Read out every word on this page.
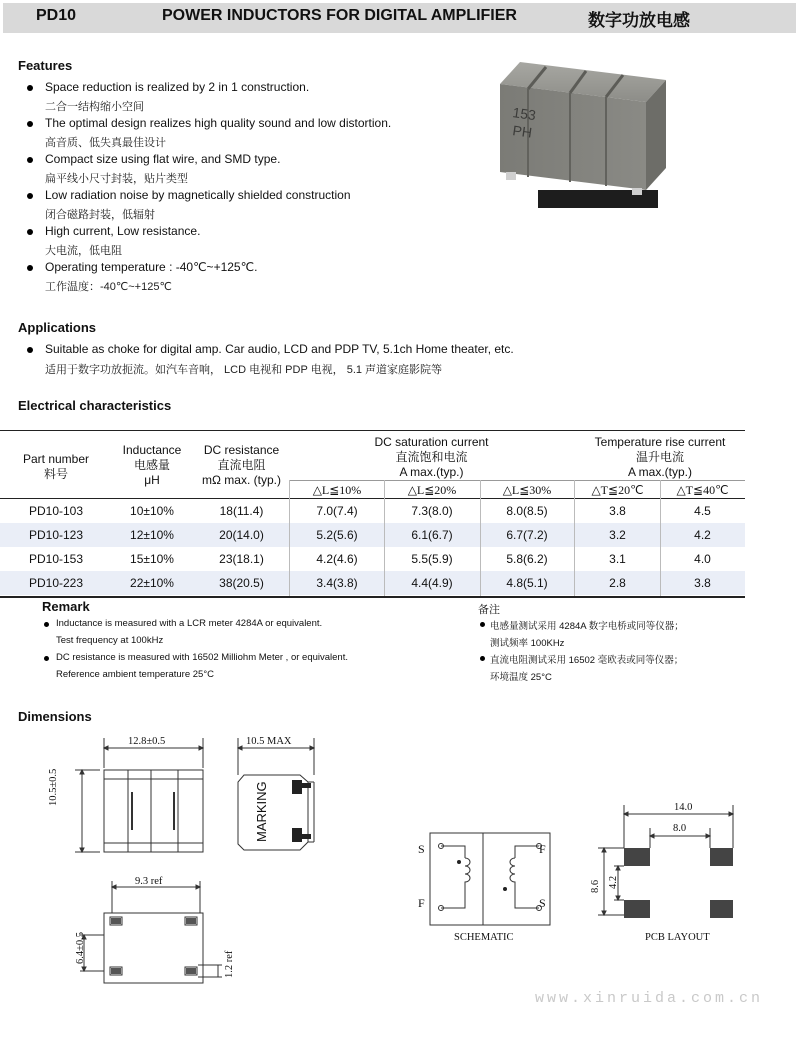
PD10	POWER INDUCTORS FOR DIGITAL AMPLIFIER	数字功放电感
Features
Space reduction is realized by 2 in 1 construction.
二合一结构缩小空间
The optimal design realizes high quality sound and low distortion.
高音质、低失真最佳设计
Compact size using flat wire, and SMD type.
扁平线小尺寸封装，贴片类型
Low radiation noise by magnetically shielded construction
闭合磁路封装，低辐射
High current, Low resistance.
大电流，低电阻
Operating temperature : -40℃~+125℃.
工作温度：-40℃~+125℃
153
PH
Applications
Suitable as choke for digital amp. Car audio, LCD and PDP TV, 5.1ch Home theater, etc.
适用于数字功放扼流。如汽车音响， LCD 电视和 PDP 电视， 5.1 声道家庭影院等
Electrical characteristics
Part number
料号
Inductance
电感量
μH
DC resistance
直流电阻
mΩ max. (typ.)
DC saturation current
直流饱和电流
A max.(typ.)
Temperature rise current
温升电流
A max.(typ.)
△L≦10%	△L≦20%	△L≦30%	△T≦20℃	△T≦40℃
PD10-103	10±10%	18(11.4)	7.0(7.4)	7.3(8.0)	8.0(8.5)	3.8	4.5
PD10-123	12±10%	20(14.0)	5.2(5.6)	6.1(6.7)	6.7(7.2)	3.2	4.2
PD10-153	15±10%	23(18.1)	4.2(4.6)	5.5(5.9)	5.8(6.2)	3.1	4.0
PD10-223	22±10%	38(20.5)	3.4(3.8)	4.4(4.9)	4.8(5.1)	2.8	3.8
Remark
Inductance is measured with a LCR meter 4284A or equivalent.
Test frequency at 100kHz
DC resistance is measured with 16502 Milliohm Meter , or equivalent.
Reference ambient temperature 25°C
备注
电感量测试采用 4284A 数字电桥或同等仪器；
测试频率 100KHz
直流电阻测试采用 16502 毫欧表或同等仪器；
环境温度 25°C
Dimensions
12.8±0.5
10.5±0.5
10.5 MAX
MARKING
9.3 ref
6.4±0.5
1.2 ref
S
F
F
S
SCHEMATIC
14.0
8.0
8.6 4.2
PCB LAYOUT
www.xinruida.com.cn
